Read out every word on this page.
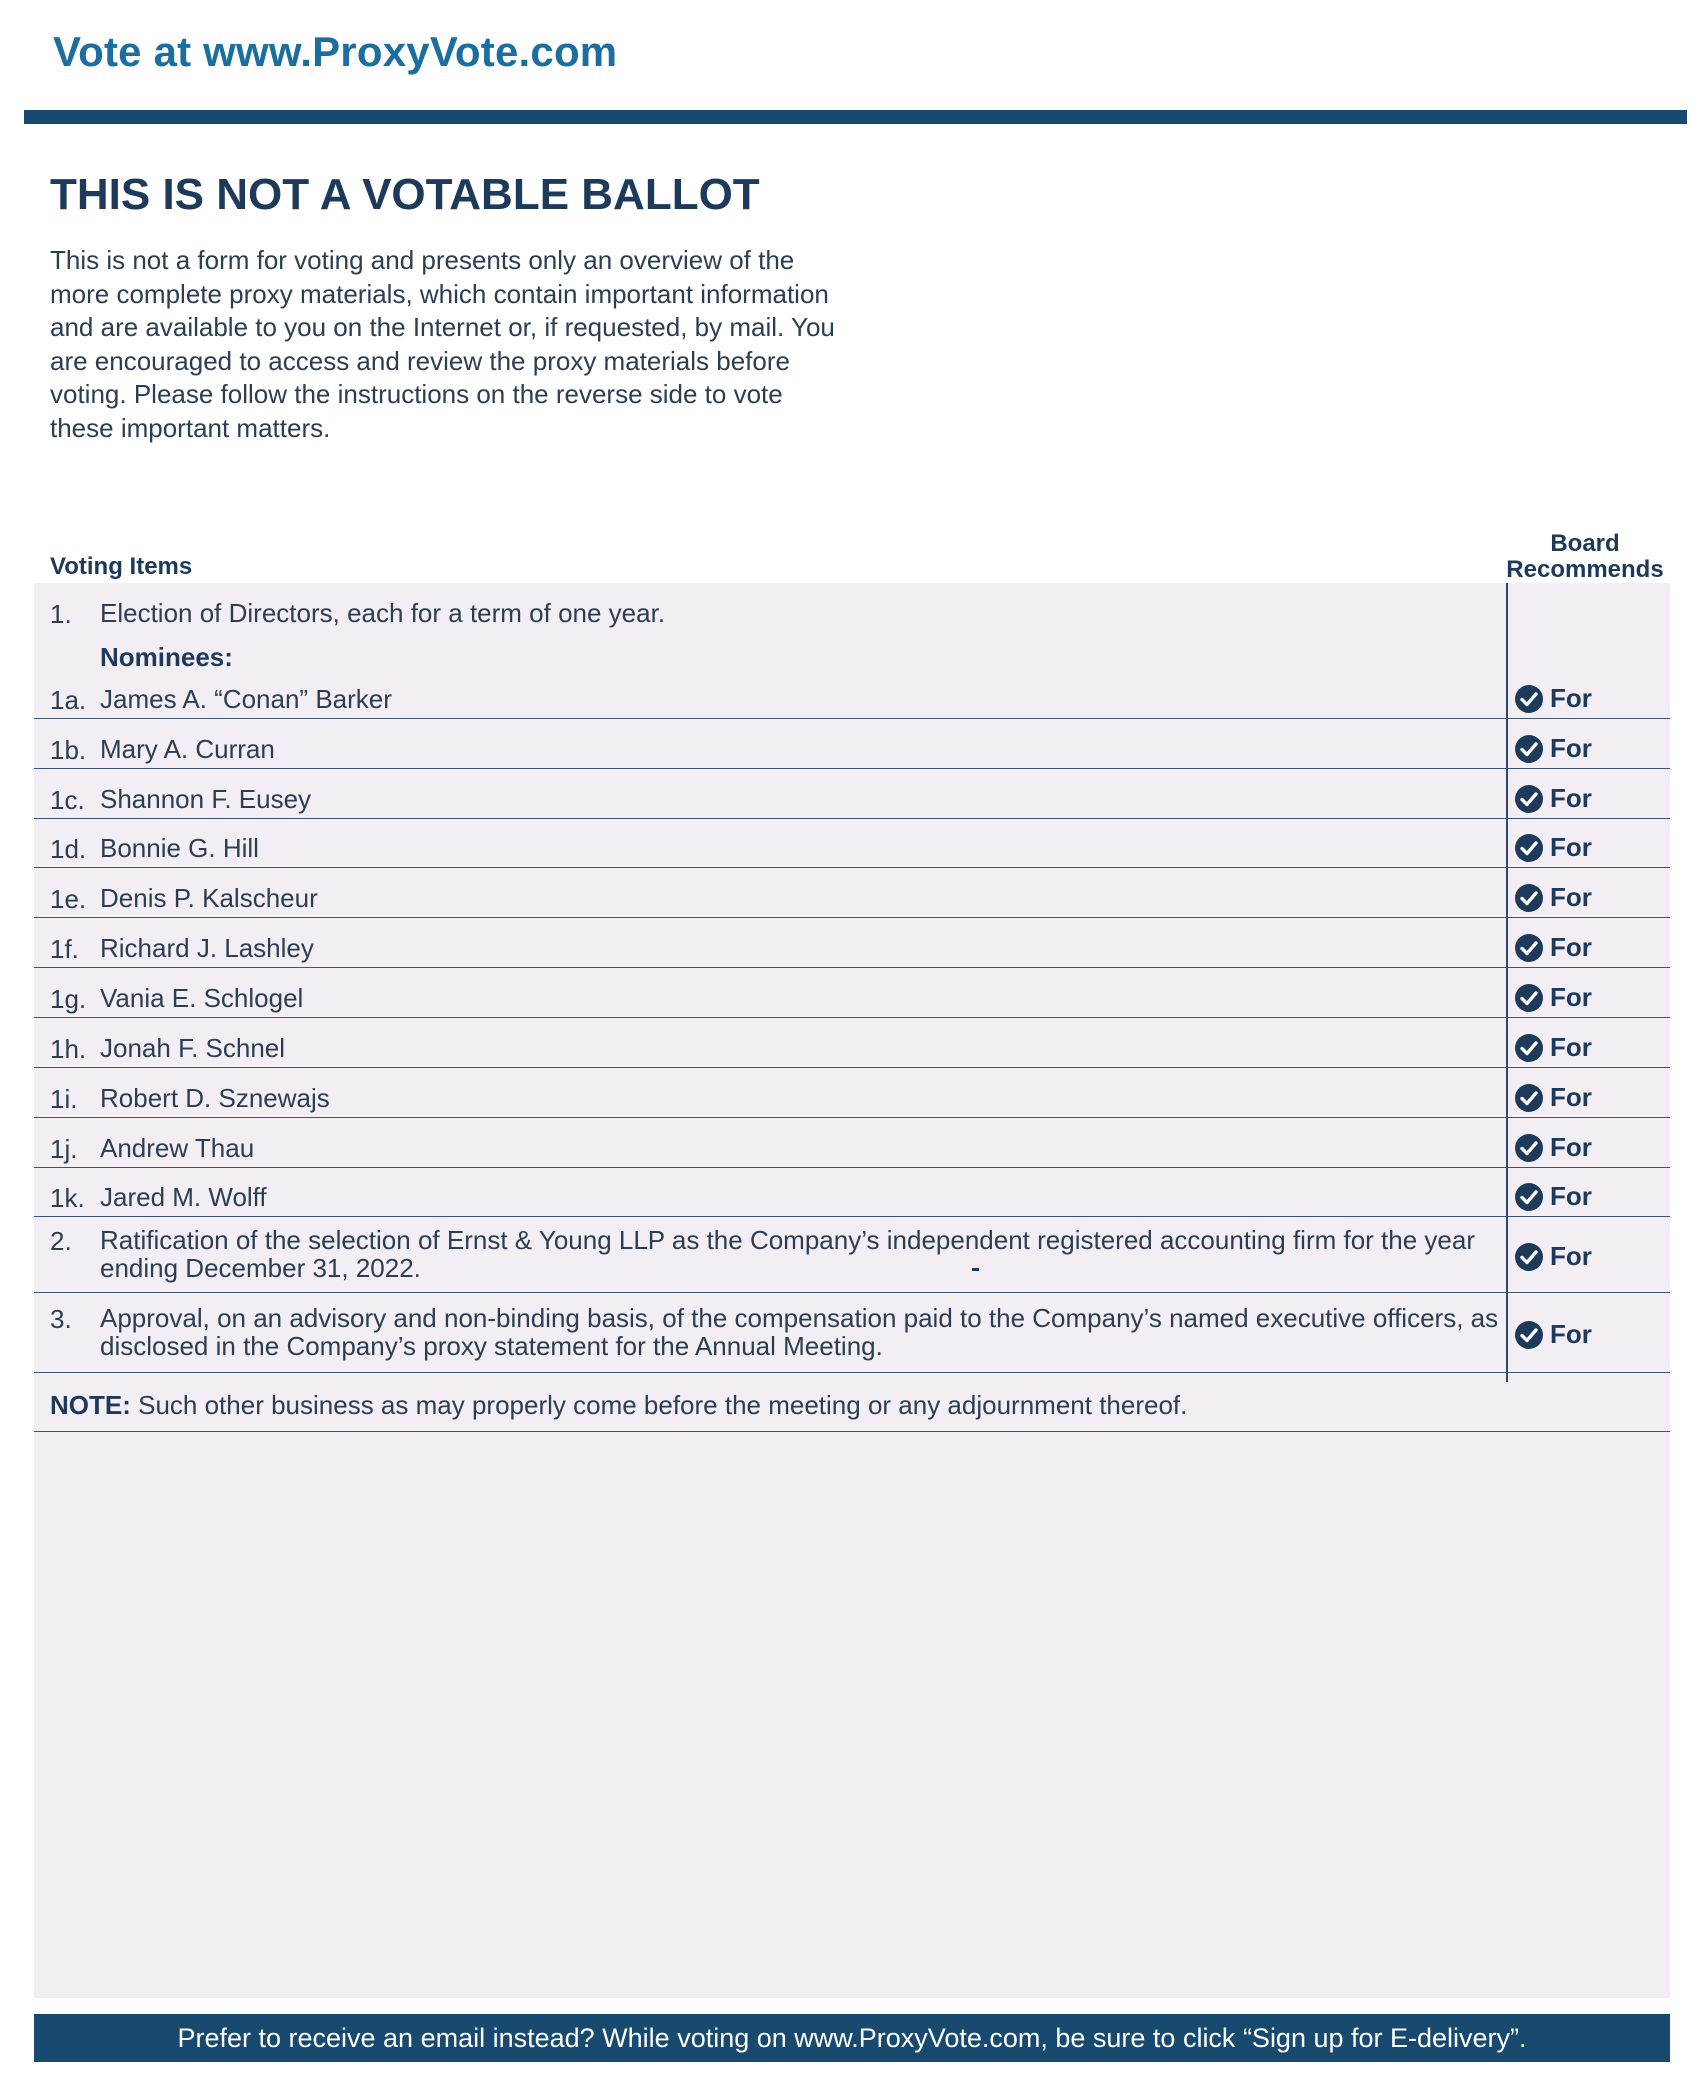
Vote at www.ProxyVote.com
THIS IS NOT A VOTABLE BALLOT
This is not a form for voting and presents only an overview of the more complete proxy materials, which contain important information and are available to you on the Internet or, if requested, by mail. You are encouraged to access and review the proxy materials before voting. Please follow the instructions on the reverse side to vote these important matters.
Voting Items
Board
Recommends
1. Election of Directors, each for a term of one year.
Nominees:
1a. James A. “Conan” Barker	For
1b. Mary A. Curran	For
1c. Shannon F. Eusey	For
1d. Bonnie G. Hill	For
1e. Denis P. Kalscheur	For
1f. Richard J. Lashley	For
1g. Vania E. Schlogel	For
1h. Jonah F. Schnel	For
1i. Robert D. Sznewajs	For
1j. Andrew Thau	For
1k. Jared M. Wolff	For
2. Ratification of the selection of Ernst & Young LLP as the Company’s independent registered accounting firm for the year ending December 31, 2022.	For
3. Approval, on an advisory and non-binding basis, of the compensation paid to the Company’s named executive officers, as disclosed in the Company’s proxy statement for the Annual Meeting.	For
NOTE: Such other business as may properly come before the meeting or any adjournment thereof.
Prefer to receive an email instead? While voting on www.ProxyVote.com, be sure to click “Sign up for E-delivery”.
